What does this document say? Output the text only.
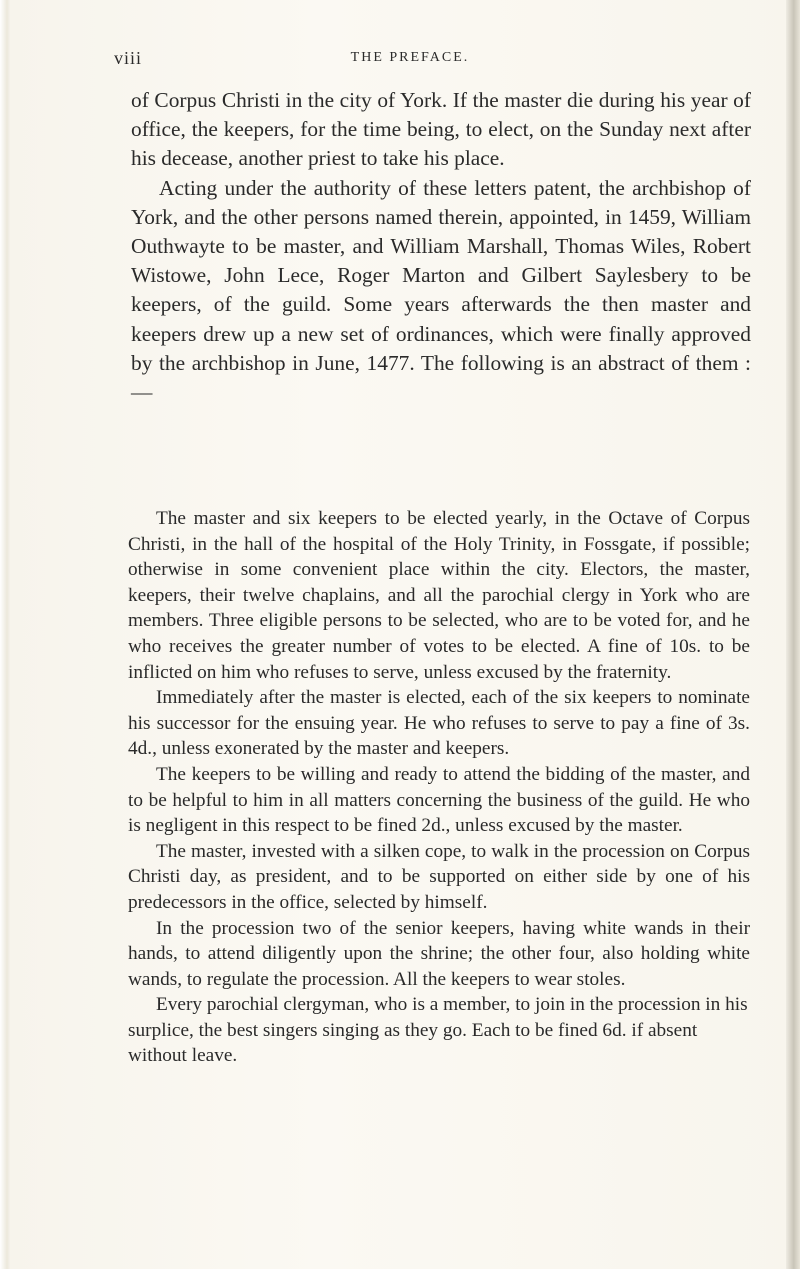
viii	THE PREFACE.

of Corpus Christi in the city of York. If the master die during his year of office, the keepers, for the time being, to elect, on the Sunday next after his decease, another priest to take his place.

Acting under the authority of these letters patent, the archbishop of York, and the other persons named therein, appointed, in 1459, William Outhwayte to be master, and William Marshall, Thomas Wiles, Robert Wistowe, John Lece, Roger Marton and Gilbert Saylesbery to be keepers, of the guild. Some years afterwards the then master and keepers drew up a new set of ordinances, which were finally approved by the archbishop in June, 1477. The following is an abstract of them :—

The master and six keepers to be elected yearly, in the Octave of Corpus Christi, in the hall of the hospital of the Holy Trinity, in Fossgate, if possible; otherwise in some convenient place within the city. Electors, the master, keepers, their twelve chaplains, and all the parochial clergy in York who are members. Three eligible persons to be selected, who are to be voted for, and he who receives the greater number of votes to be elected. A fine of 10s. to be inflicted on him who refuses to serve, unless excused by the fraternity.

Immediately after the master is elected, each of the six keepers to nominate his successor for the ensuing year. He who refuses to serve to pay a fine of 3s. 4d., unless exonerated by the master and keepers.

The keepers to be willing and ready to attend the bidding of the master, and to be helpful to him in all matters concerning the business of the guild. He who is negligent in this respect to be fined 2d., unless excused by the master.

The master, invested with a silken cope, to walk in the procession on Corpus Christi day, as president, and to be supported on either side by one of his predecessors in the office, selected by himself.

In the procession two of the senior keepers, having white wands in their hands, to attend diligently upon the shrine; the other four, also holding white wands, to regulate the procession. All the keepers to wear stoles.

Every parochial clergyman, who is a member, to join in the procession in his surplice, the best singers singing as they go. Each to be fined 6d. if absent without leave.
